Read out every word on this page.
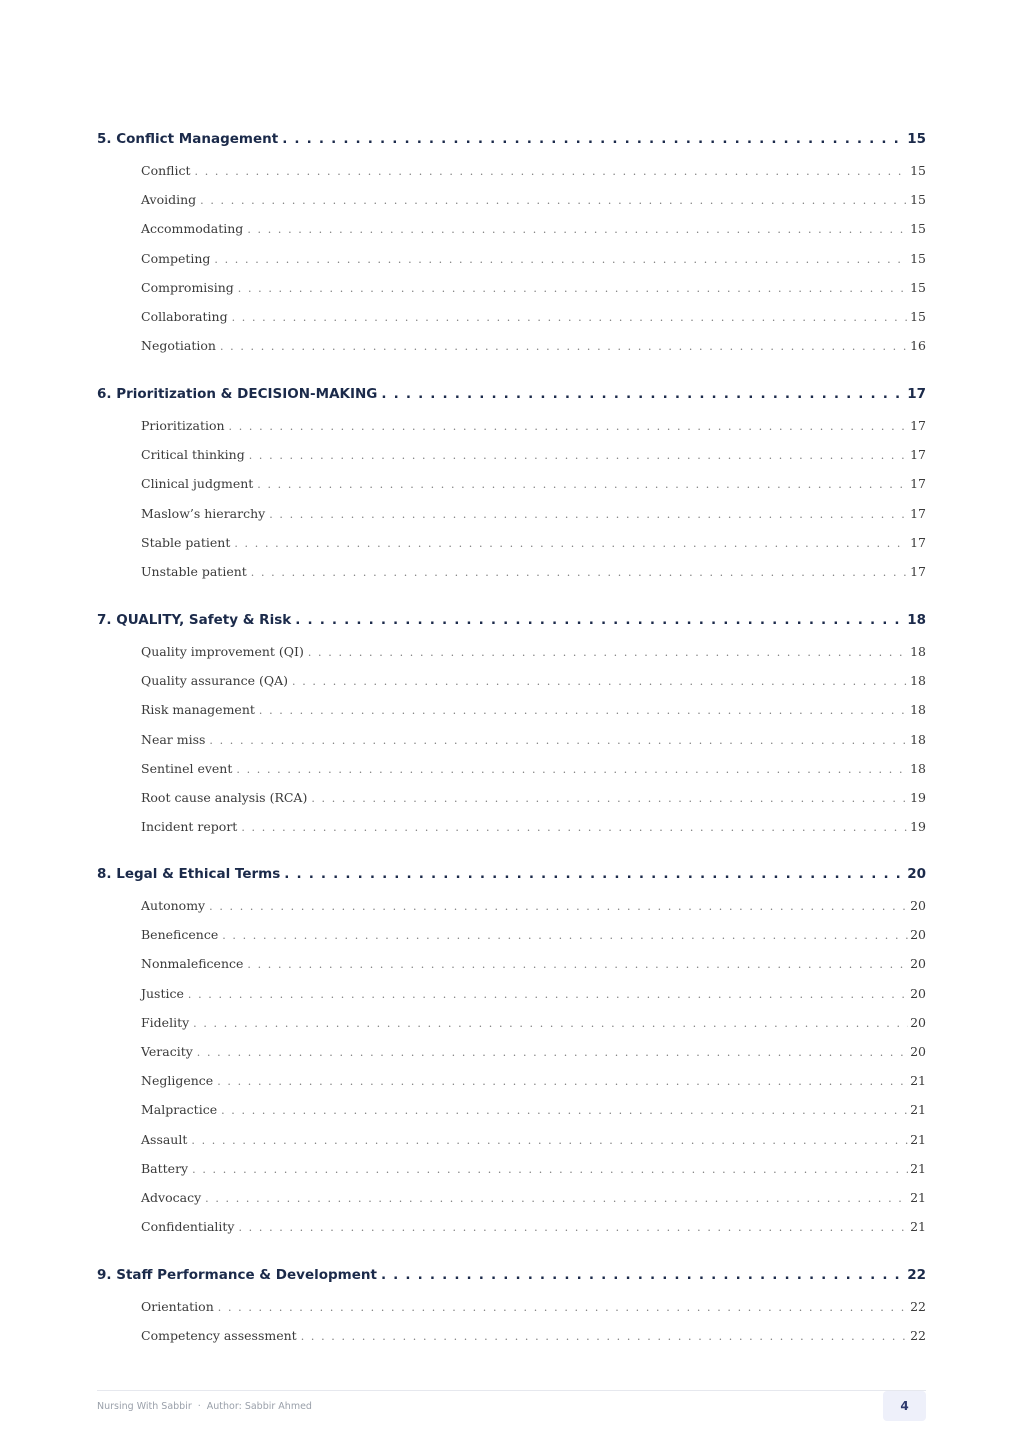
5. Conflict Management . . .	15
Conflict . . .	15
Avoiding . . .	15
Accommodating . . .	15
Competing . . .	15
Compromising . . .	15
Collaborating . . .	15
Negotiation . . .	16
6. Prioritization & DECISION-MAKING . . .	17
Prioritization . . .	17
Critical thinking . . .	17
Clinical judgment . . .	17
Maslow’s hierarchy . . .	17
Stable patient . . .	17
Unstable patient . . .	17
7. QUALITY, Safety & Risk . . .	18
Quality improvement (QI) . . .	18
Quality assurance (QA) . . .	18
Risk management . . .	18
Near miss . . .	18
Sentinel event . . .	18
Root cause analysis (RCA) . . .	19
Incident report . . .	19
8. Legal & Ethical Terms . . .	20
Autonomy . . .	20
Beneficence . . .	20
Nonmaleficence . . .	20
Justice . . .	20
Fidelity . . .	20
Veracity . . .	20
Negligence . . .	21
Malpractice . . .	21
Assault . . .	21
Battery . . .	21
Advocacy . . .	21
Confidentiality . . .	21
9. Staff Performance & Development . . .	22
Orientation . . .	22
Competency assessment . . .	22
Nursing With Sabbir · Author: Sabbir Ahmed	4
